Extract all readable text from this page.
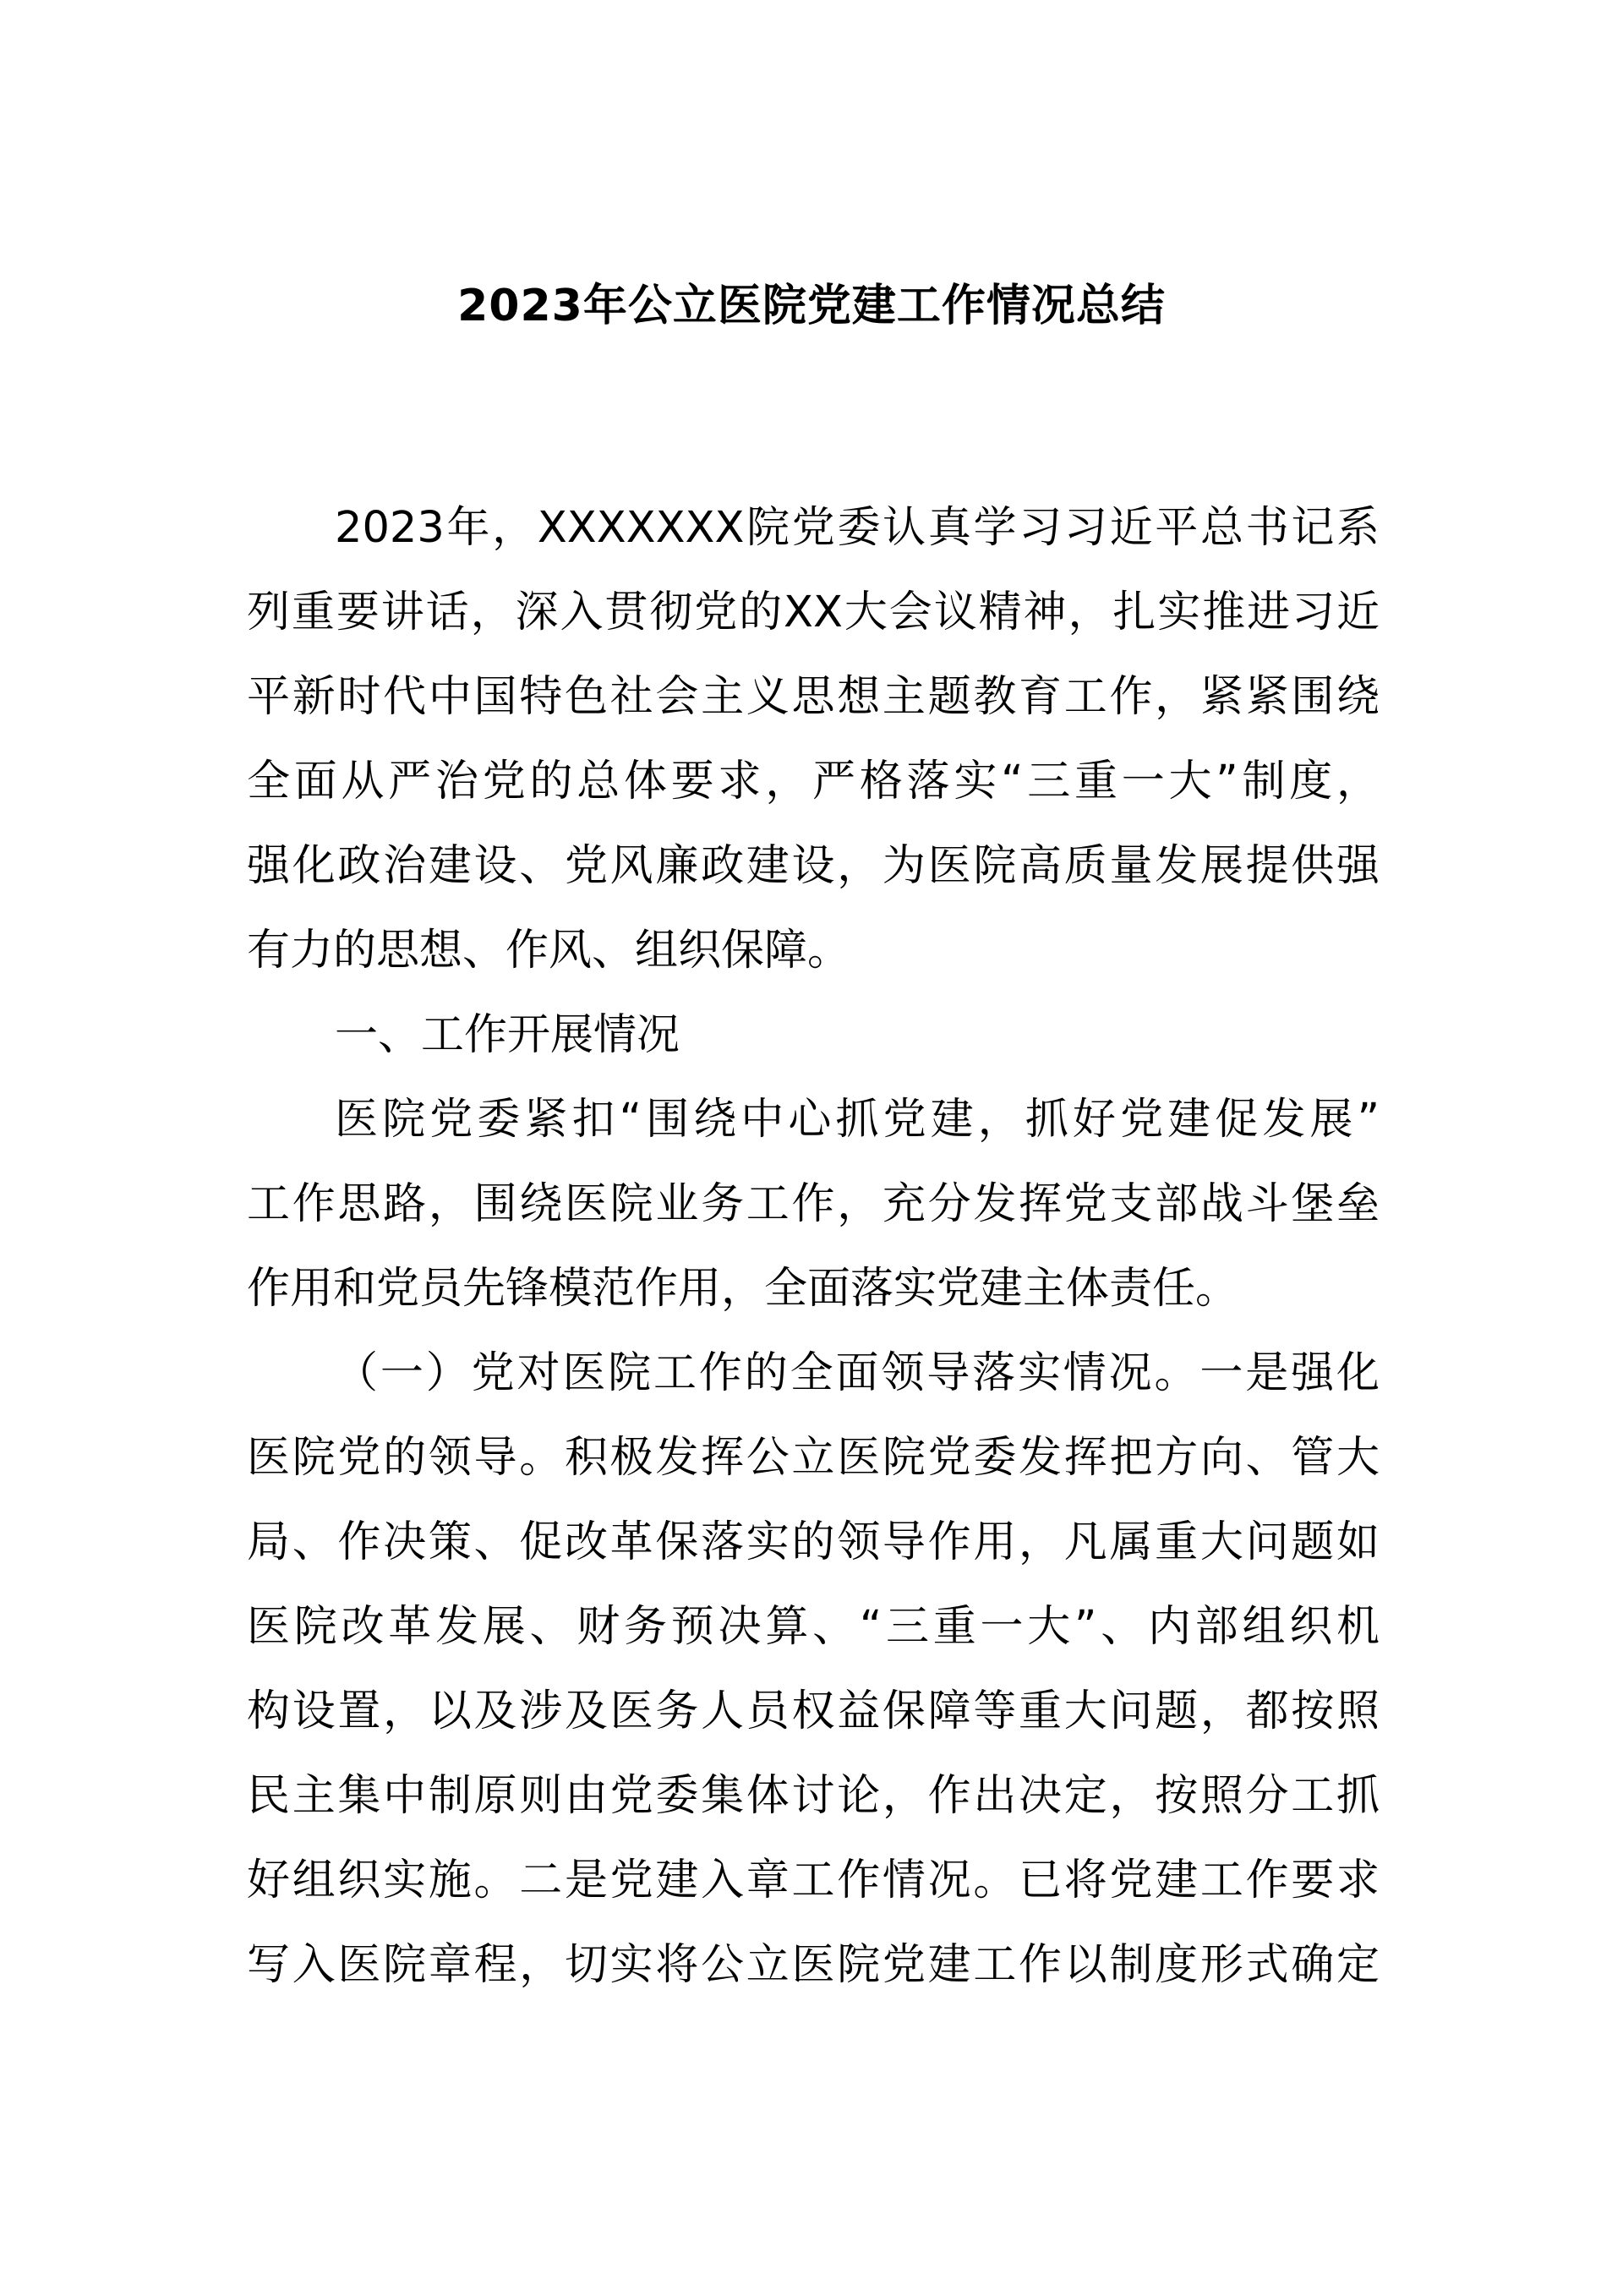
2023年公立医院党建工作情况总结
2023年，XXXXXXX院党委认真学习习近平总书记系
列重要讲话，深入贯彻党的XX大会议精神，扎实推进习近
平新时代中国特色社会主义思想主题教育工作，紧紧围绕
全面从严治党的总体要求，严格落实“三重一大”制度，
强化政治建设、党风廉政建设，为医院高质量发展提供强
有力的思想、作风、组织保障。
一、工作开展情况
医院党委紧扣“围绕中心抓党建，抓好党建促发展”
工作思路，围绕医院业务工作，充分发挥党支部战斗堡垒
作用和党员先锋模范作用，全面落实党建主体责任。
（一）党对医院工作的全面领导落实情况。一是强化
医院党的领导。积极发挥公立医院党委发挥把方向、管大
局、作决策、促改革保落实的领导作用，凡属重大问题如
医院改革发展、财务预决算、“三重一大”、内部组织机
构设置，以及涉及医务人员权益保障等重大问题，都按照
民主集中制原则由党委集体讨论，作出决定，按照分工抓
好组织实施。二是党建入章工作情况。已将党建工作要求
写入医院章程，切实将公立医院党建工作以制度形式确定
